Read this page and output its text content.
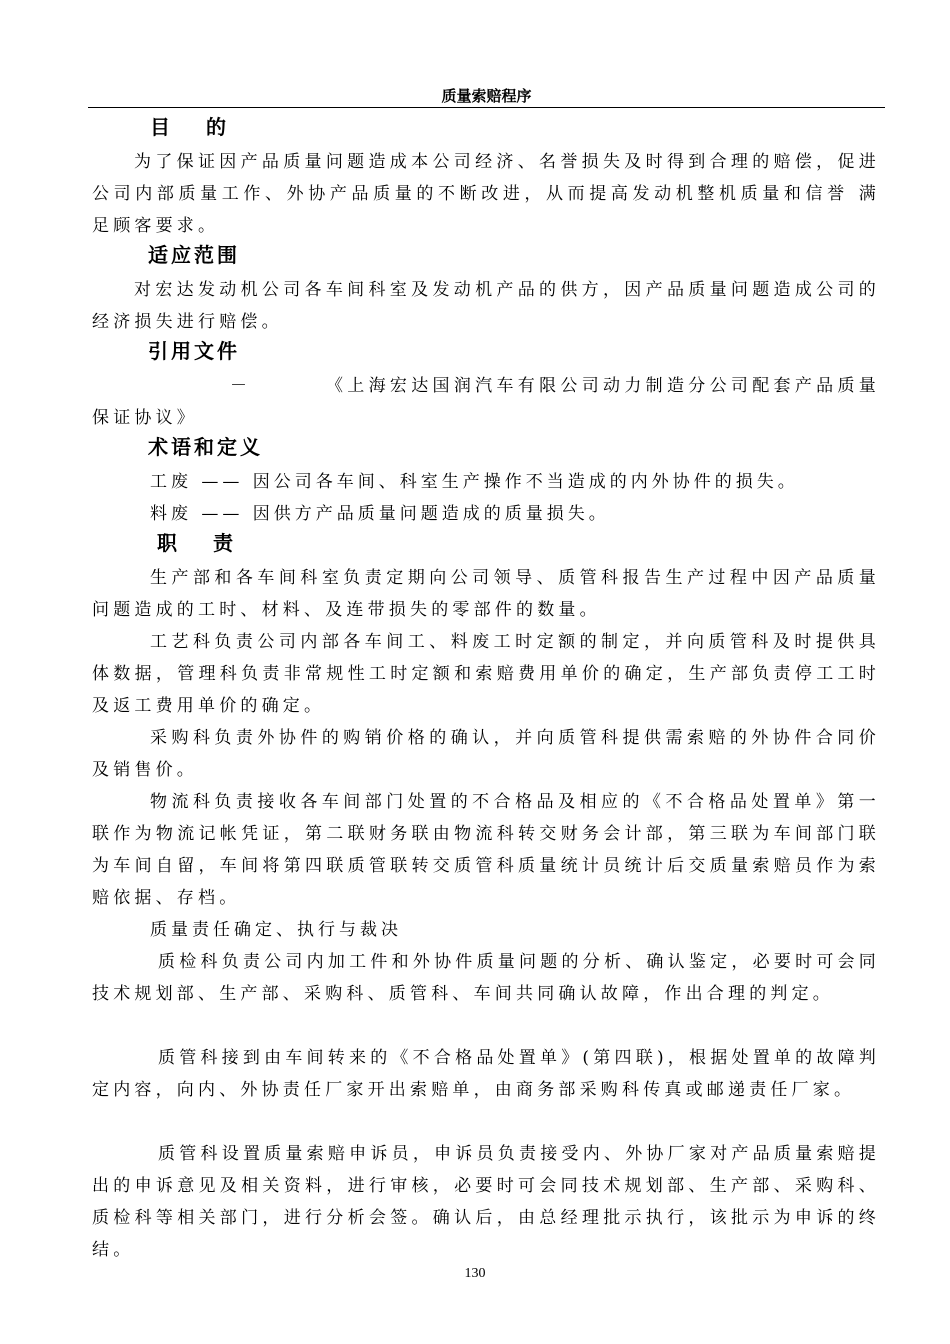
质量索赔程序
目　 的
为了保证因产品质量问题造成本公司经济、名誉损失及时得到合理的赔偿，促进公司内部质量工作、外协产品质量的不断改进，从而提高发动机整机质量和信誉 满足顾客要求。
适应范围
对宏达发动机公司各车间科室及发动机产品的供方，因产品质量问题造成公司的经济损失进行赔偿。
引用文件
－	《上海宏达国润汽车有限公司动力制造分公司配套产品质量保证协议》
术语和定义
工废 —— 因公司各车间、科室生产操作不当造成的内外协件的损失。
料废 —— 因供方产品质量问题造成的质量损失。
职　 责
生产部和各车间科室负责定期向公司领导、质管科报告生产过程中因产品质量问题造成的工时、材料、及连带损失的零部件的数量。
工艺科负责公司内部各车间工、料废工时定额的制定，并向质管科及时提供具体数据，管理科负责非常规性工时定额和索赔费用单价的确定，生产部负责停工工时及返工费用单价的确定。
采购科负责外协件的购销价格的确认，并向质管科提供需索赔的外协件合同价及销售价。
物流科负责接收各车间部门处置的不合格品及相应的《不合格品处置单》第一联作为物流记帐凭证，第二联财务联由物流科转交财务会计部，第三联为车间部门联为车间自留，车间将第四联质管联转交质管科质量统计员统计后交质量索赔员作为索赔依据、存档。
质量责任确定、执行与裁决
质检科负责公司内加工件和外协件质量问题的分析、确认鉴定，必要时可会同技术规划部、生产部、采购科、质管科、车间共同确认故障，作出合理的判定。
质管科接到由车间转来的《不合格品处置单》(第四联)，根据处置单的故障判定内容，向内、外协责任厂家开出索赔单，由商务部采购科传真或邮递责任厂家。
质管科设置质量索赔申诉员，申诉员负责接受内、外协厂家对产品质量索赔提出的申诉意见及相关资料，进行审核，必要时可会同技术规划部、生产部、采购科、质检科等相关部门，进行分析会签。确认后，由总经理批示执行，该批示为申诉的终结。
130
